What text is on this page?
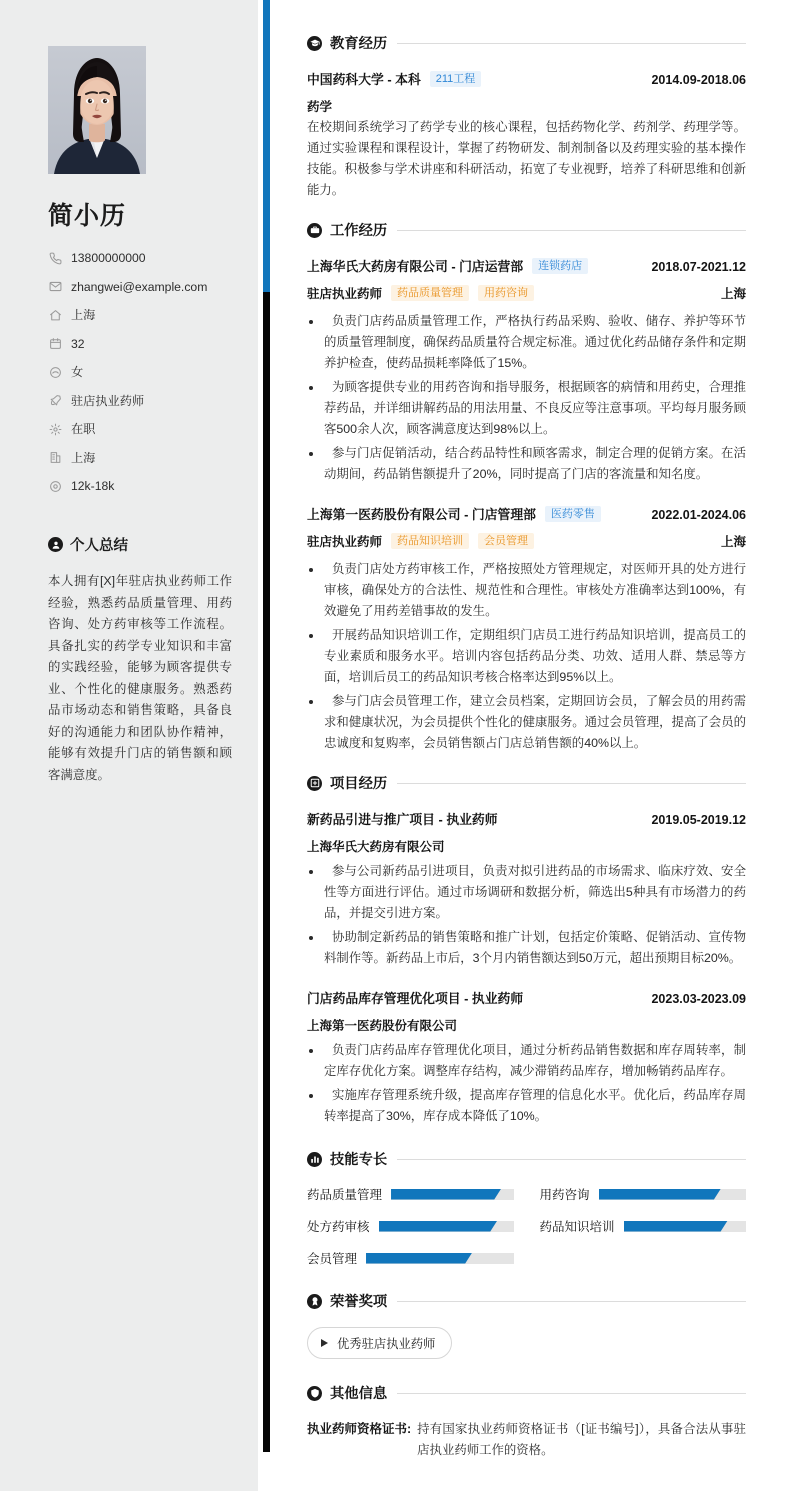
简小历
13800000000
zhangwei@example.com
上海
32
女
驻店执业药师
在职
上海
12k-18k
个人总结

本人拥有[X]年驻店执业药师工作经验，熟悉药品质量管理、用药咨询、处方药审核等工作流程。具备扎实的药学专业知识和丰富的实践经验，能够为顾客提供专业、个性化的健康服务。熟悉药品市场动态和销售策略，具备良好的沟通能力和团队协作精神，能够有效提升门店的销售额和顾客满意度。

教育经历
中国药科大学 - 本科	211工程	2014.09-2018.06
药学

在校期间系统学习了药学专业的核心课程，包括药物化学、药剂学、药理学等。通过实验课程和课程设计，掌握了药物研发、制剂制备以及药理实验的基本操作技能。积极参与学术讲座和科研活动，拓宽了专业视野，培养了科研思维和创新能力。

工作经历
上海华氏大药房有限公司 - 门店运营部	连锁药店	2018.07-2021.12
驻店执业药师	药品质量管理	用药咨询	上海
负责门店药品质量管理工作，严格执行药品采购、验收、储存、养护等环节的质量管理制度，确保药品质量符合规定标准。通过优化药品储存条件和定期养护检查，使药品损耗率降低了15%。
为顾客提供专业的用药咨询和指导服务，根据顾客的病情和用药史，合理推荐药品，并详细讲解药品的用法用量、不良反应等注意事项。平均每月服务顾客500余人次，顾客满意度达到98%以上。
参与门店促销活动，结合药品特性和顾客需求，制定合理的促销方案。在活动期间，药品销售额提升了20%，同时提高了门店的客流量和知名度。
上海第一医药股份有限公司 - 门店管理部	医药零售	2022.01-2024.06
驻店执业药师	药品知识培训	会员管理	上海
负责门店处方药审核工作，严格按照处方管理规定，对医师开具的处方进行审核，确保处方的合法性、规范性和合理性。审核处方准确率达到100%，有效避免了用药差错事故的发生。
开展药品知识培训工作，定期组织门店员工进行药品知识培训，提高员工的专业素质和服务水平。培训内容包括药品分类、功效、适用人群、禁忌等方面，培训后员工的药品知识考核合格率达到95%以上。
参与门店会员管理工作，建立会员档案，定期回访会员，了解会员的用药需求和健康状况，为会员提供个性化的健康服务。通过会员管理，提高了会员的忠诚度和复购率，会员销售额占门店总销售额的40%以上。
项目经历
新药品引进与推广项目 - 执业药师	2019.05-2019.12
上海华氏大药房有限公司
参与公司新药品引进项目，负责对拟引进药品的市场需求、临床疗效、安全性等方面进行评估。通过市场调研和数据分析，筛选出5种具有市场潜力的药品，并提交引进方案。
协助制定新药品的销售策略和推广计划，包括定价策略、促销活动、宣传物料制作等。新药品上市后，3个月内销售额达到50万元，超出预期目标20%。
门店药品库存管理优化项目 - 执业药师	2023.03-2023.09
上海第一医药股份有限公司
负责门店药品库存管理优化项目，通过分析药品销售数据和库存周转率，制定库存优化方案。调整库存结构，减少滞销药品库存，增加畅销药品库存。
实施库存管理系统升级，提高库存管理的信息化水平。优化后，药品库存周转率提高了30%，库存成本降低了10%。
技能专长
药品质量管理	用药咨询
处方药审核	药品知识培训
会员管理
荣誉奖项
优秀驻店执业药师
其他信息
执业药师资格证书: 持有国家执业药师资格证书（[证书编号]），具备合法从事驻店执业药师工作的资格。
